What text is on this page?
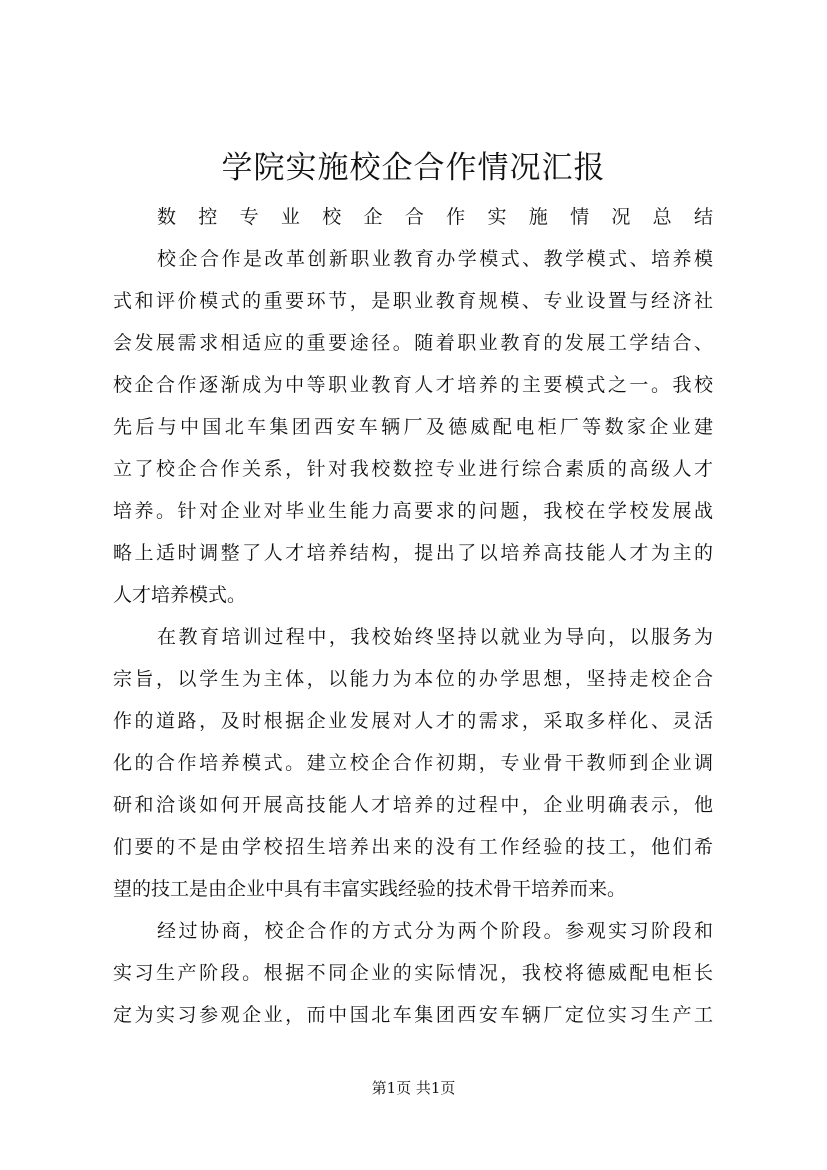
学院实施校企合作情况汇报
数控专业校企合作实施情况总结
校企合作是改革创新职业教育办学模式、教学模式、培养模
式和评价模式的重要环节，是职业教育规模、专业设置与经济社
会发展需求相适应的重要途径。随着职业教育的发展工学结合、
校企合作逐渐成为中等职业教育人才培养的主要模式之一。我校
先后与中国北车集团西安车辆厂及德威配电柜厂等数家企业建
立了校企合作关系，针对我校数控专业进行综合素质的高级人才
培养。针对企业对毕业生能力高要求的问题，我校在学校发展战
略上适时调整了人才培养结构，提出了以培养高技能人才为主的
人才培养模式。
在教育培训过程中，我校始终坚持以就业为导向，以服务为
宗旨，以学生为主体，以能力为本位的办学思想，坚持走校企合
作的道路，及时根据企业发展对人才的需求，采取多样化、灵活
化的合作培养模式。建立校企合作初期，专业骨干教师到企业调
研和洽谈如何开展高技能人才培养的过程中，企业明确表示，他
们要的不是由学校招生培养出来的没有工作经验的技工，他们希
望的技工是由企业中具有丰富实践经验的技术骨干培养而来。
经过协商，校企合作的方式分为两个阶段。参观实习阶段和
实习生产阶段。根据不同企业的实际情况，我校将德威配电柜长
定为实习参观企业，而中国北车集团西安车辆厂定位实习生产工
第1页 共1页
